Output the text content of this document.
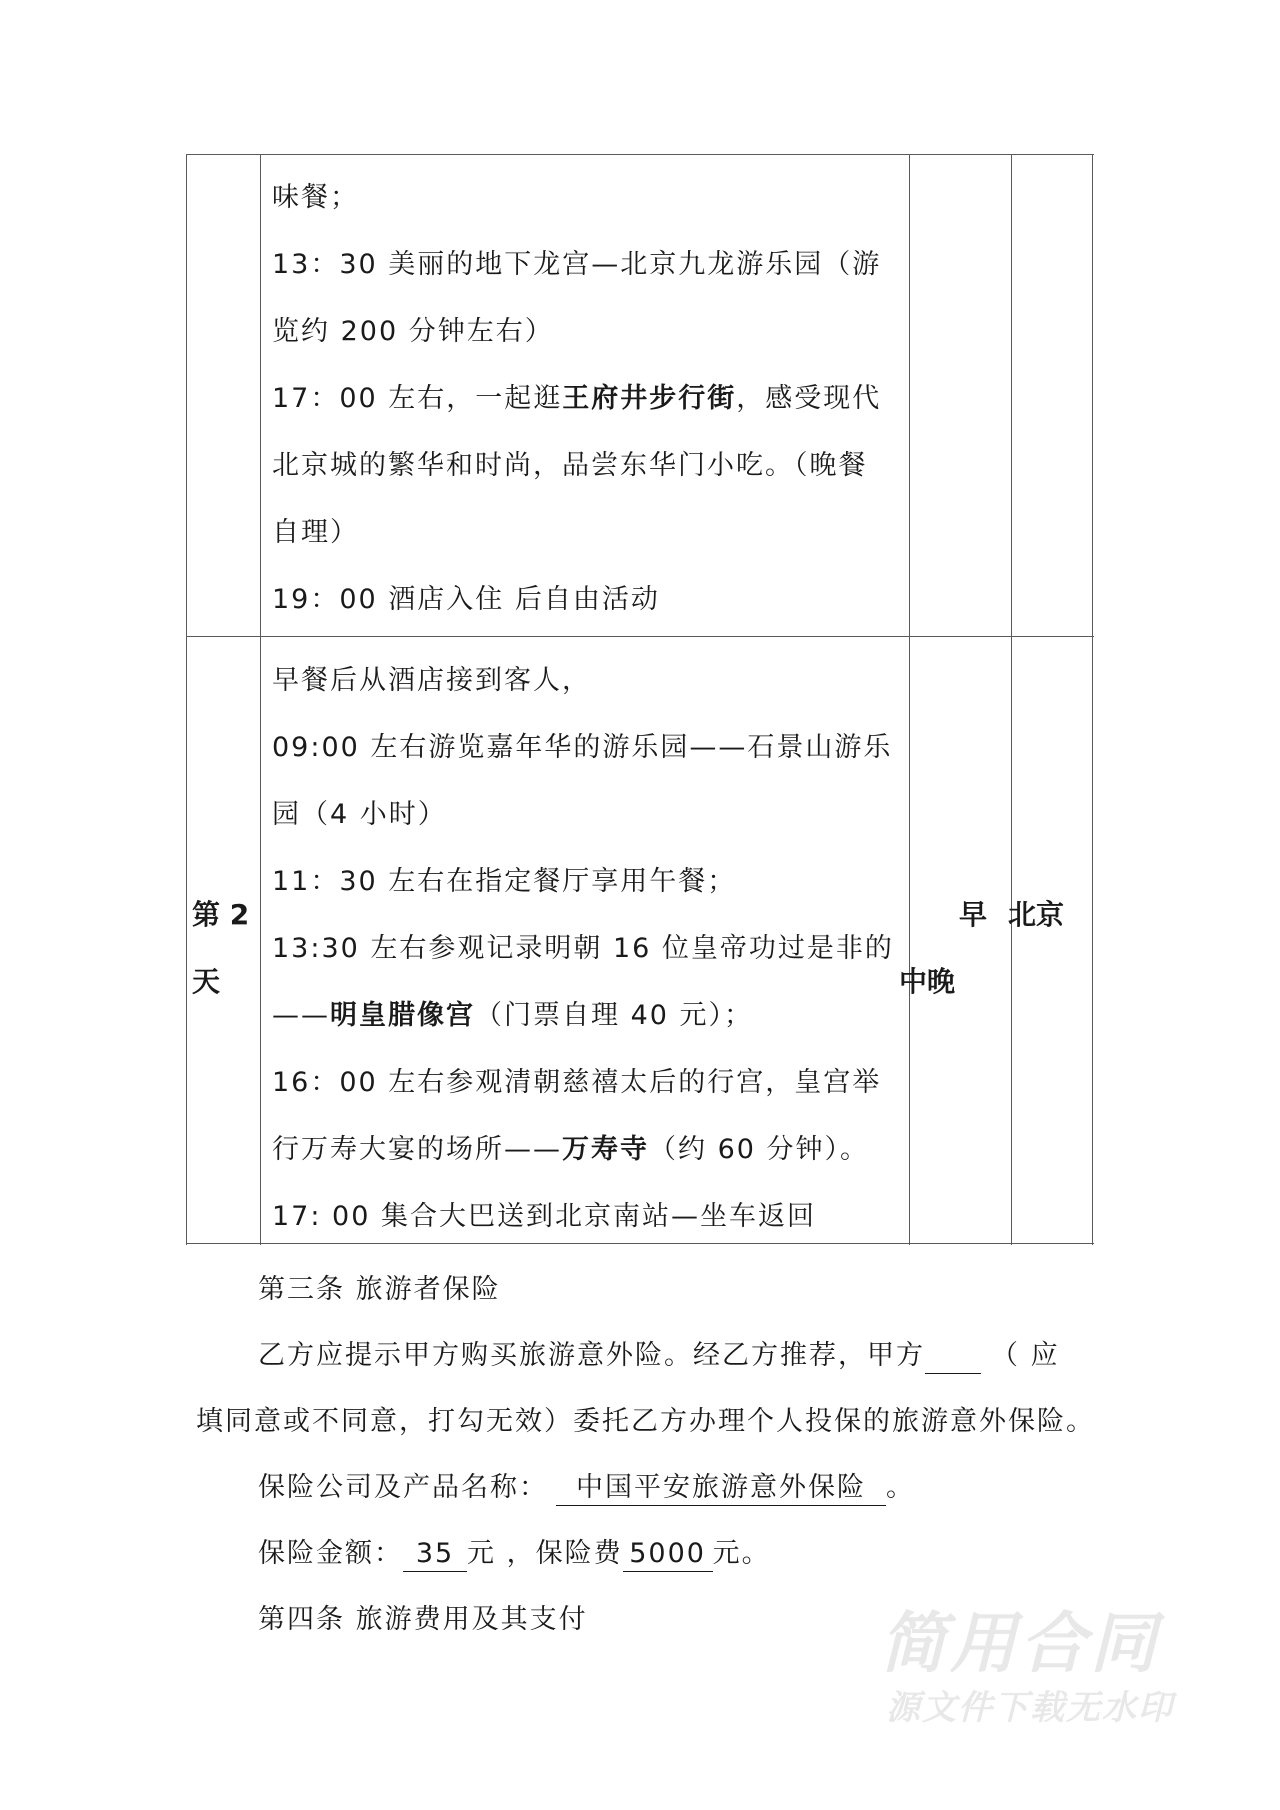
味餐；

13：30 美丽的地下龙宫—北京九龙游乐园（游

览约 200 分钟左右）

17：00 左右，一起逛王府井步行街，感受现代

北京城的繁华和时尚，品尝东华门小吃。（晚餐

自理）

19：00 酒店入住 后自由活动

第 2 天

早餐后从酒店接到客人，

09:00 左右游览嘉年华的游乐园——石景山游乐

园（4 小时）

11：30 左右在指定餐厅享用午餐；

13:30 左右参观记录明朝 16 位皇帝功过是非的

——明皇腊像宫（门票自理 40 元）；

16：00 左右参观清朝慈禧太后的行宫，皇宫举

行万寿大宴的场所——万寿寺（约 60 分钟）。

17: 00 集合大巴送到北京南站—坐车返回

早
中晚
北京
第三条 旅游者保险
乙方应提示甲方购买旅游意外险。经乙方推荐，甲方 （ 应
填同意或不同意，打勾无效）委托乙方办理个人投保的旅游意外保险。
保险公司及产品名称： 中国平安旅游意外保险 。
保险金额： 35 元 ，保险费 5000 元。
第四条 旅游费用及其支付	简用合同
源文件下载无水印
